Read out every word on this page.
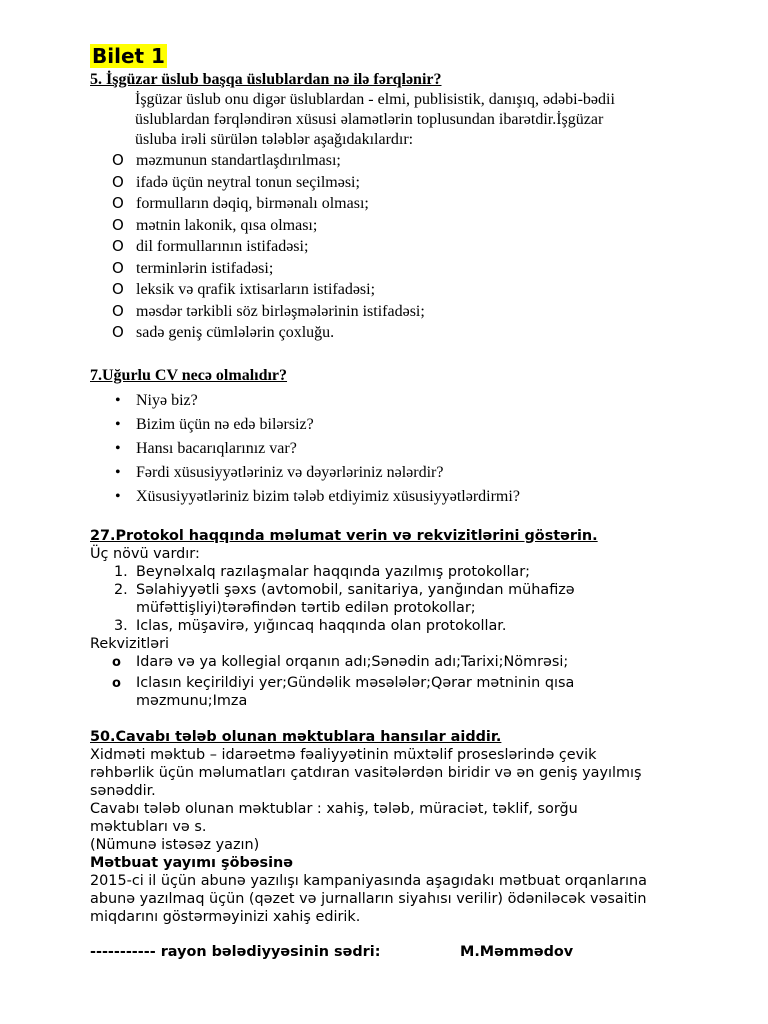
Bilet 1
5. İşgüzar üslub başqa üslublardan nə ilə fərqlənir?

İşgüzar üslub onu digər üslublardan - elmi, publisistik, danışıq, ədəbi-bədii
üslublardan fərqləndirən xüsusi əlamətlərin toplusundan ibarətdir.İşgüzar
üsluba irəli sürülən tələblər aşağıdakılardır:

O məzmunun standartlaşdırılması;
O ifadə üçün neytral tonun seçilməsi;
O formulların dəqiq, birmənalı olması;
O mətnin lakonik, qısa olması;
O dil formullarının istifadəsi;
O terminlərin istifadəsi;
O leksik və qrafik ixtisarların istifadəsi;
O məsdər tərkibli söz birləşmələrinin istifadəsi;
O sadə geniş cümlələrin çoxluğu.
7.Uğurlu CV necə olmalıdır?
• Niyə biz?
• Bizim üçün nə edə bilərsiz?
• Hansı bacarıqlarınız var?
• Fərdi xüsusiyyətləriniz və dəyərləriniz nələrdir?
• Xüsusiyyətləriniz bizim tələb etdiyimiz xüsusiyyətlərdirmi?
27.Protokol haqqında məlumat verin və rekvizitlərini göstərin.

Üç növü vardır:

1. Beynəlxalq razılaşmalar haqqında yazılmış protokollar;
2. Səlahiyyətli şəxs (avtomobil, sanitariya, yanğından mühafizə
müfəttişliyi)tərəfindən tərtib edilən protokollar;
3. Iclas, müşavirə, yığıncaq haqqında olan protokollar.

Rekvizitləri

o Idarə və ya kollegial orqanın adı;Sənədin adı;Tarixi;Nömrəsi;
o Iclasın keçirildiyi yer;Gündəlik məsələlər;Qərar mətninin qısa
məzmunu;Imza
50.Cavabı tələb olunan məktublara hansılar aiddir.

Xidməti məktub – idarəetmə fəaliyyətinin müxtəlif proseslərində çevik
rəhbərlik üçün məlumatları çatdıran vasitələrdən biridir və ən geniş yayılmış
sənəddir.

Cavabı tələb olunan məktublar : xahiş, tələb, müraciət, təklif, sorğu
məktubları və s.

(Nümunə istəsəz yazın)

Mətbuat yayımı şöbəsinə

2015-ci il üçün abunə yazılışı kampaniyasında aşagıdakı mətbuat orqanlarına
abunə yazılmaq üçün (qəzet və jurnalların siyahısı verilir) ödəniləcək vəsaitin
miqdarını göstərməyinizi xahiş edirik.

----------- rayon bələdiyyəsinin sədri:	M.Məmmədov
